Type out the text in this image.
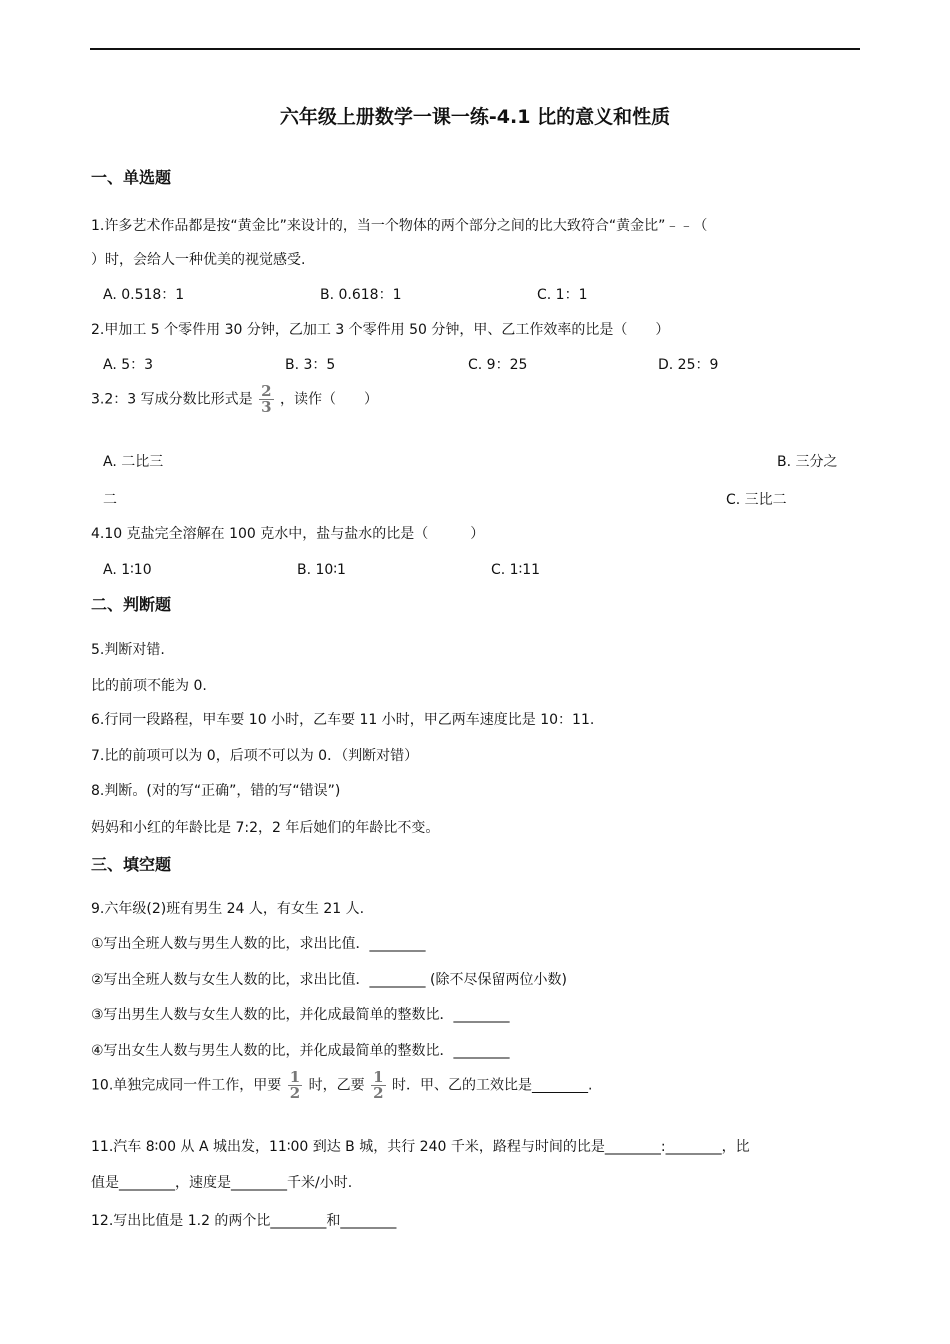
六年级上册数学一课一练-4.1 比的意义和性质
一、单选题
1.许多艺术作品都是按“黄金比”来设计的，当一个物体的两个部分之间的比大致符合“黄金比”﹣﹣（
）时，会给人一种优美的视觉感受.
A. 0.518：1	B. 0.618：1	C. 1：1
2.甲加工 5 个零件用 30 分钟，乙加工 3 个零件用 50 分钟，甲、乙工作效率的比是（　　）
A. 5：3	B. 3：5	C. 9：25	D. 25：9
3.2：3 写成分数比形式是 $\frac{2}{3}$ ，读作（　　）
A. 二比三	B. 三分之
二	C. 三比二
4.10 克盐完全溶解在 100 克水中，盐与盐水的比是（　　　）
A. 1∶10	B. 10∶1	C. 1∶11
二、判断题
5.判断对错.
比的前项不能为 0.
6.行同一段路程，甲车要 10 小时，乙车要 11 小时，甲乙两车速度比是 10：11.
7.比的前项可以为 0，后项不可以为 0．（判断对错）
8.判断。(对的写“正确”，错的写“错误”)
妈妈和小红的年龄比是 7:2，2 年后她们的年龄比不变。
三、填空题
9.六年级(2)班有男生 24 人，有女生 21 人.
①写出全班人数与男生人数的比，求出比值．________
②写出全班人数与女生人数的比，求出比值．________ (除不尽保留两位小数)
③写出男生人数与女生人数的比，并化成最简单的整数比．________
④写出女生人数与男生人数的比，并化成最简单的整数比．________
10.单独完成同一件工作，甲要 $\frac{1}{2}$ 时，乙要 $\frac{1}{2}$ 时．甲、乙的工效比是________.
11.汽车 8∶00 从 A 城出发，11∶00 到达 B 城，共行 240 千米，路程与时间的比是________:________，比
值是________，速度是________千米/小时.
12.写出比值是 1.2 的两个比________和________
